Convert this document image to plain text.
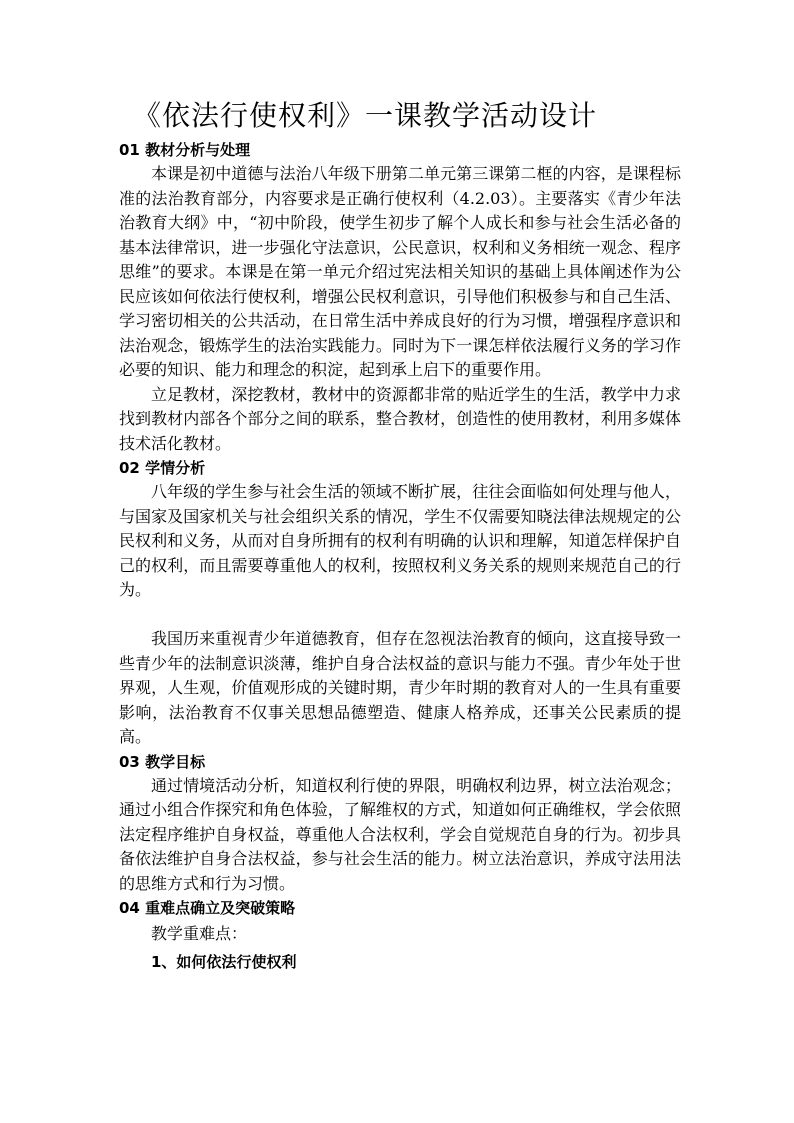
《依法行使权利》一课教学活动设计
01 教材分析与处理

本课是初中道德与法治八年级下册第二单元第三课第二框的内容，是课程标准的法治教育部分，内容要求是正确行使权利（4.2.03）。主要落实《青少年法治教育大纲》中，“初中阶段，使学生初步了解个人成长和参与社会生活必备的基本法律常识，进一步强化守法意识，公民意识，权利和义务相统一观念、程序思维”的要求。本课是在第一单元介绍过宪法相关知识的基础上具体阐述作为公民应该如何依法行使权利，增强公民权利意识，引导他们积极参与和自己生活、学习密切相关的公共活动，在日常生活中养成良好的行为习惯，增强程序意识和法治观念，锻炼学生的法治实践能力。同时为下一课怎样依法履行义务的学习作必要的知识、能力和理念的积淀，起到承上启下的重要作用。

立足教材，深挖教材，教材中的资源都非常的贴近学生的生活，教学中力求找到教材内部各个部分之间的联系，整合教材，创造性的使用教材，利用多媒体技术活化教材。

02 学情分析

八年级的学生参与社会生活的领域不断扩展，往往会面临如何处理与他人，与国家及国家机关与社会组织关系的情况，学生不仅需要知晓法律法规规定的公民权利和义务，从而对自身所拥有的权利有明确的认识和理解，知道怎样保护自己的权利，而且需要尊重他人的权利，按照权利义务关系的规则来规范自己的行为。

我国历来重视青少年道德教育，但存在忽视法治教育的倾向，这直接导致一些青少年的法制意识淡薄，维护自身合法权益的意识与能力不强。青少年处于世界观，人生观，价值观形成的关键时期，青少年时期的教育对人的一生具有重要影响，法治教育不仅事关思想品德塑造、健康人格养成，还事关公民素质的提高。

03 教学目标

通过情境活动分析，知道权利行使的界限，明确权利边界，树立法治观念；通过小组合作探究和角色体验，了解维权的方式，知道如何正确维权，学会依照法定程序维护自身权益，尊重他人合法权利，学会自觉规范自身的行为。初步具备依法维护自身合法权益，参与社会生活的能力。树立法治意识，养成守法用法的思维方式和行为习惯。

04 重难点确立及突破策略

教学重难点：

1、如何依法行使权利
